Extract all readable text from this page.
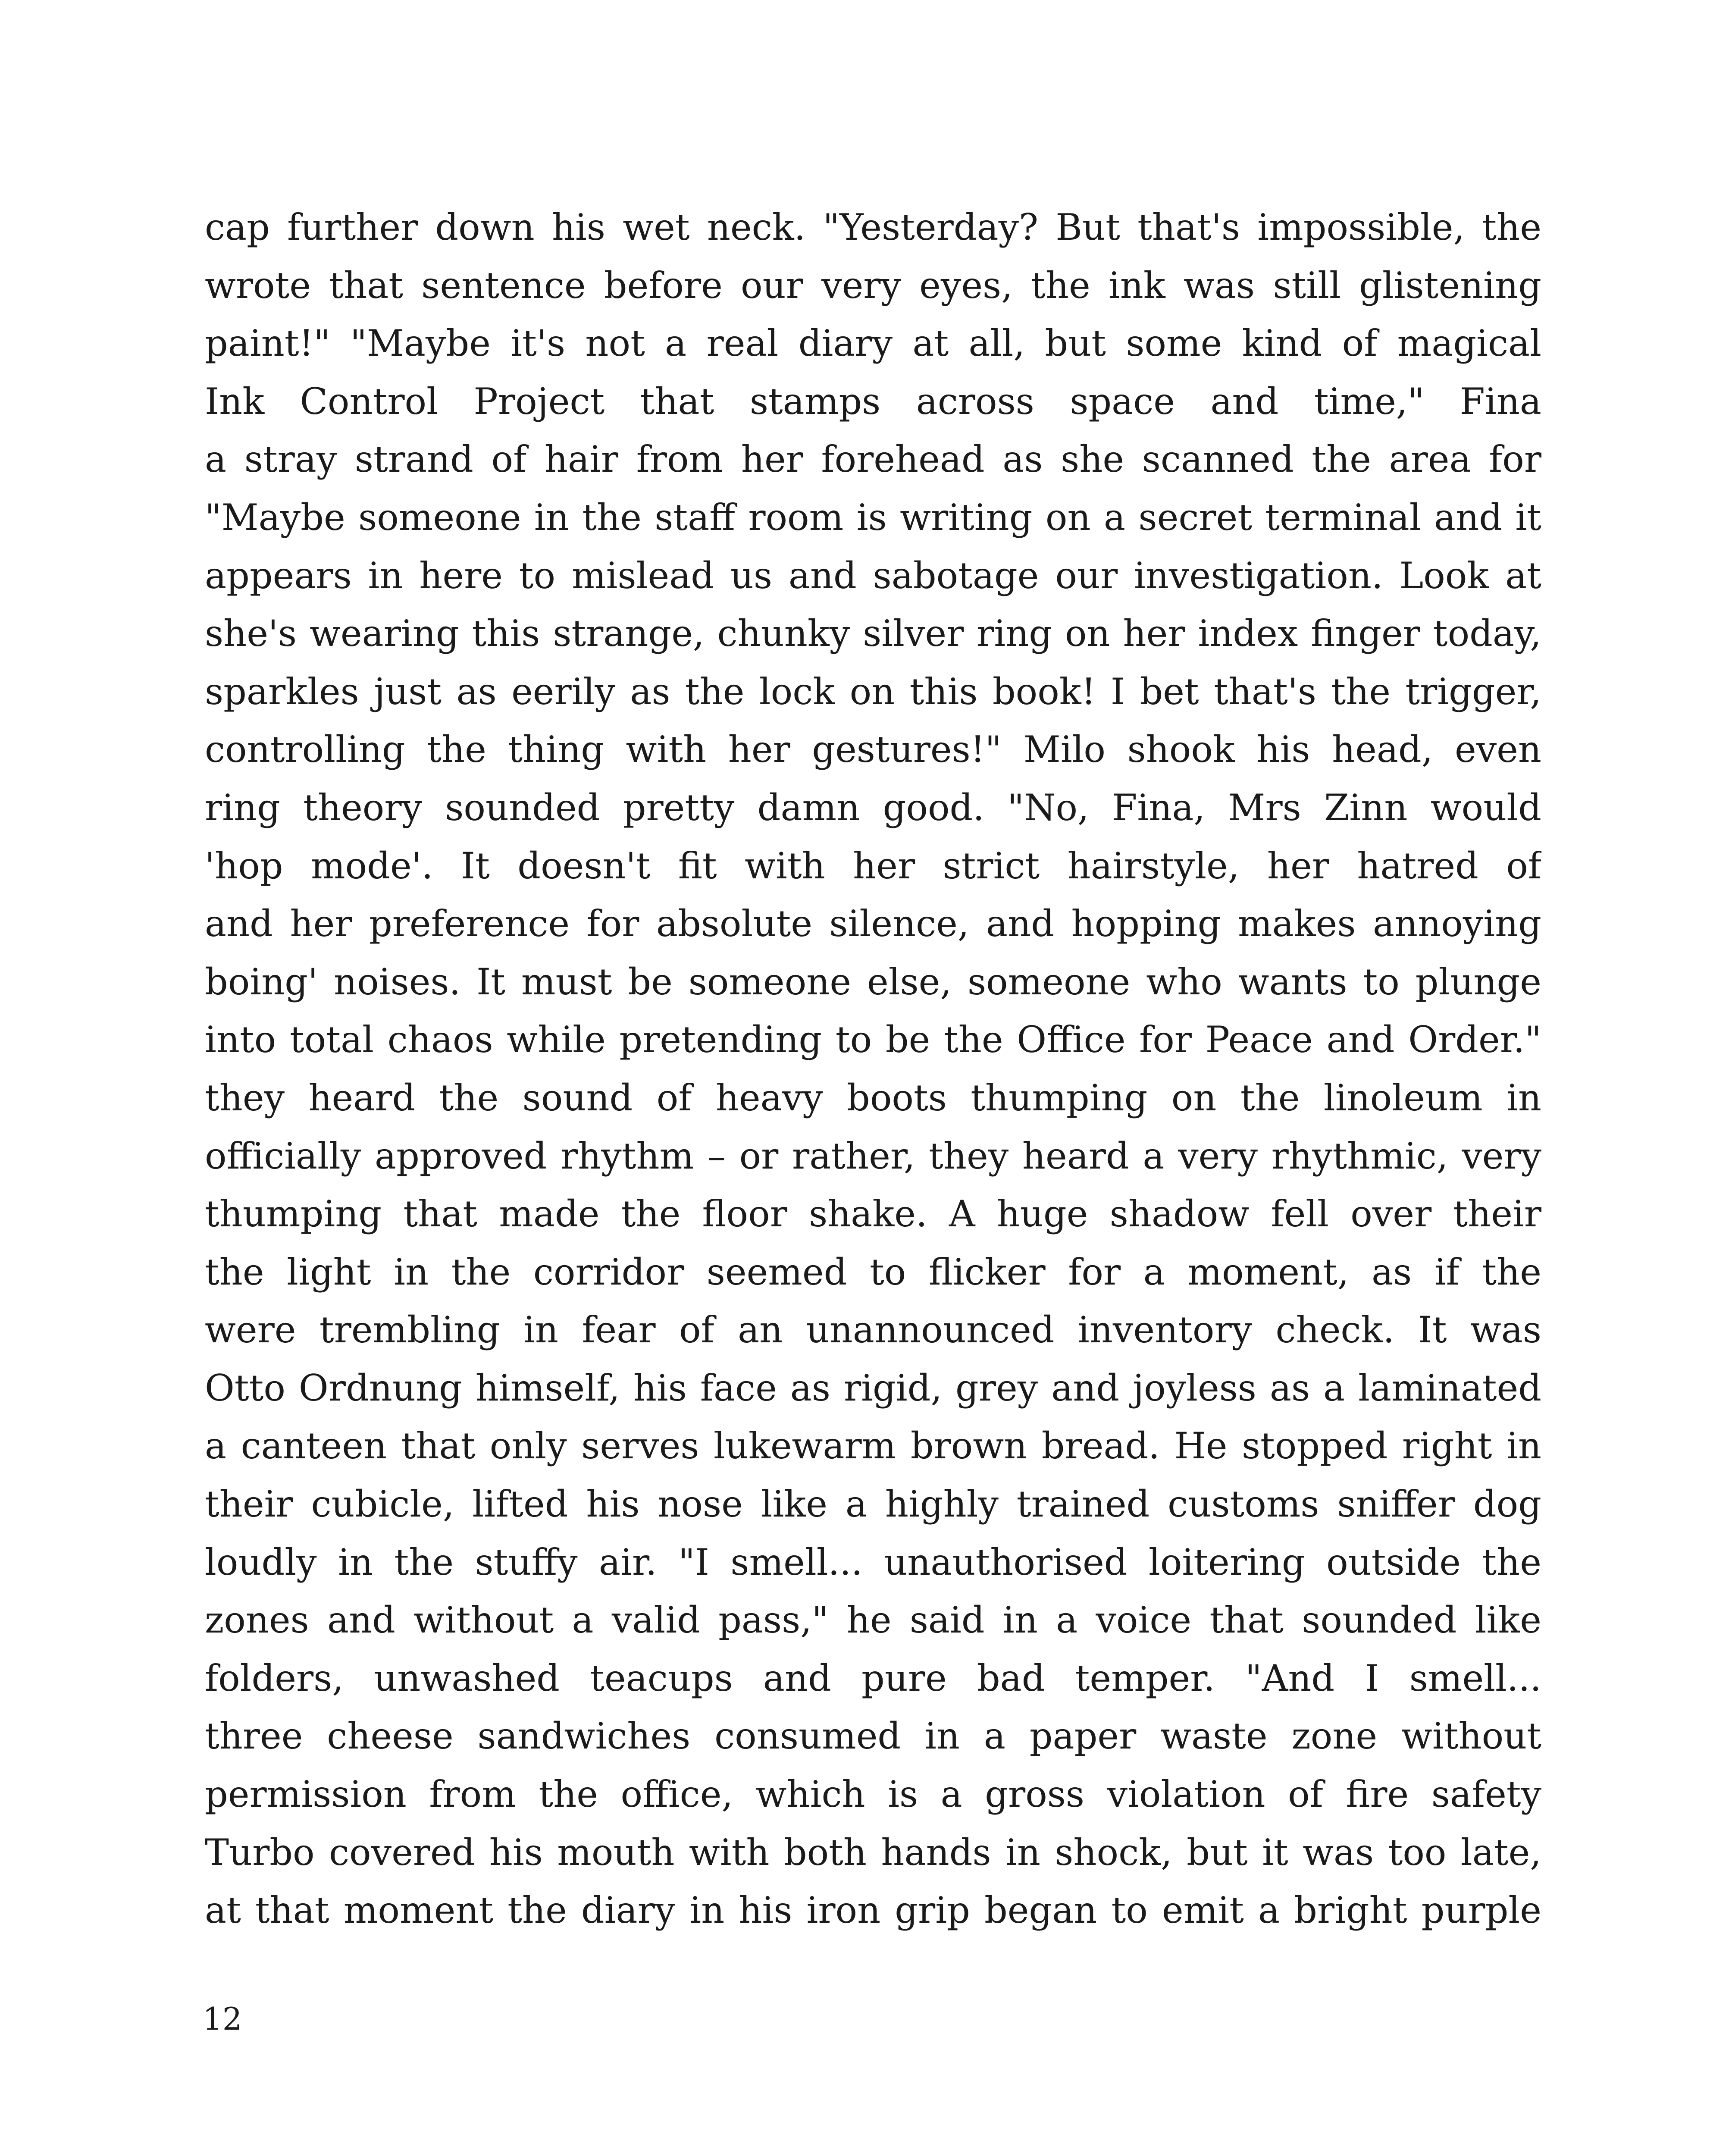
cap further down his wet neck. "Yesterday? But that's impossible, the
wrote that sentence before our very eyes, the ink was still glistening
paint!" "Maybe it's not a real diary at all, but some kind of magical
Ink Control Project that stamps across space and time," Fina
a stray strand of hair from her forehead as she scanned the area for
"Maybe someone in the staff room is writing on a secret terminal and it
appears in here to mislead us and sabotage our investigation. Look at
she's wearing this strange, chunky silver ring on her index finger today,
sparkles just as eerily as the lock on this book! I bet that's the trigger,
controlling the thing with her gestures!" Milo shook his head, even
ring theory sounded pretty damn good. "No, Fina, Mrs Zinn would
'hop mode'. It doesn't fit with her strict hairstyle, her hatred of
and her preference for absolute silence, and hopping makes annoying
boing' noises. It must be someone else, someone who wants to plunge
into total chaos while pretending to be the Office for Peace and Order."
they heard the sound of heavy boots thumping on the linoleum in
officially approved rhythm – or rather, they heard a very rhythmic, very
thumping that made the floor shake. A huge shadow fell over their
the light in the corridor seemed to flicker for a moment, as if the
were trembling in fear of an unannounced inventory check. It was
Otto Ordnung himself, his face as rigid, grey and joyless as a laminated
a canteen that only serves lukewarm brown bread. He stopped right in
their cubicle, lifted his nose like a highly trained customs sniffer dog
loudly in the stuffy air. "I smell... unauthorised loitering outside the
zones and without a valid pass," he said in a voice that sounded like
folders, unwashed teacups and pure bad temper. "And I smell...
three cheese sandwiches consumed in a paper waste zone without
permission from the office, which is a gross violation of fire safety
Turbo covered his mouth with both hands in shock, but it was too late,
at that moment the diary in his iron grip began to emit a bright purple
12
